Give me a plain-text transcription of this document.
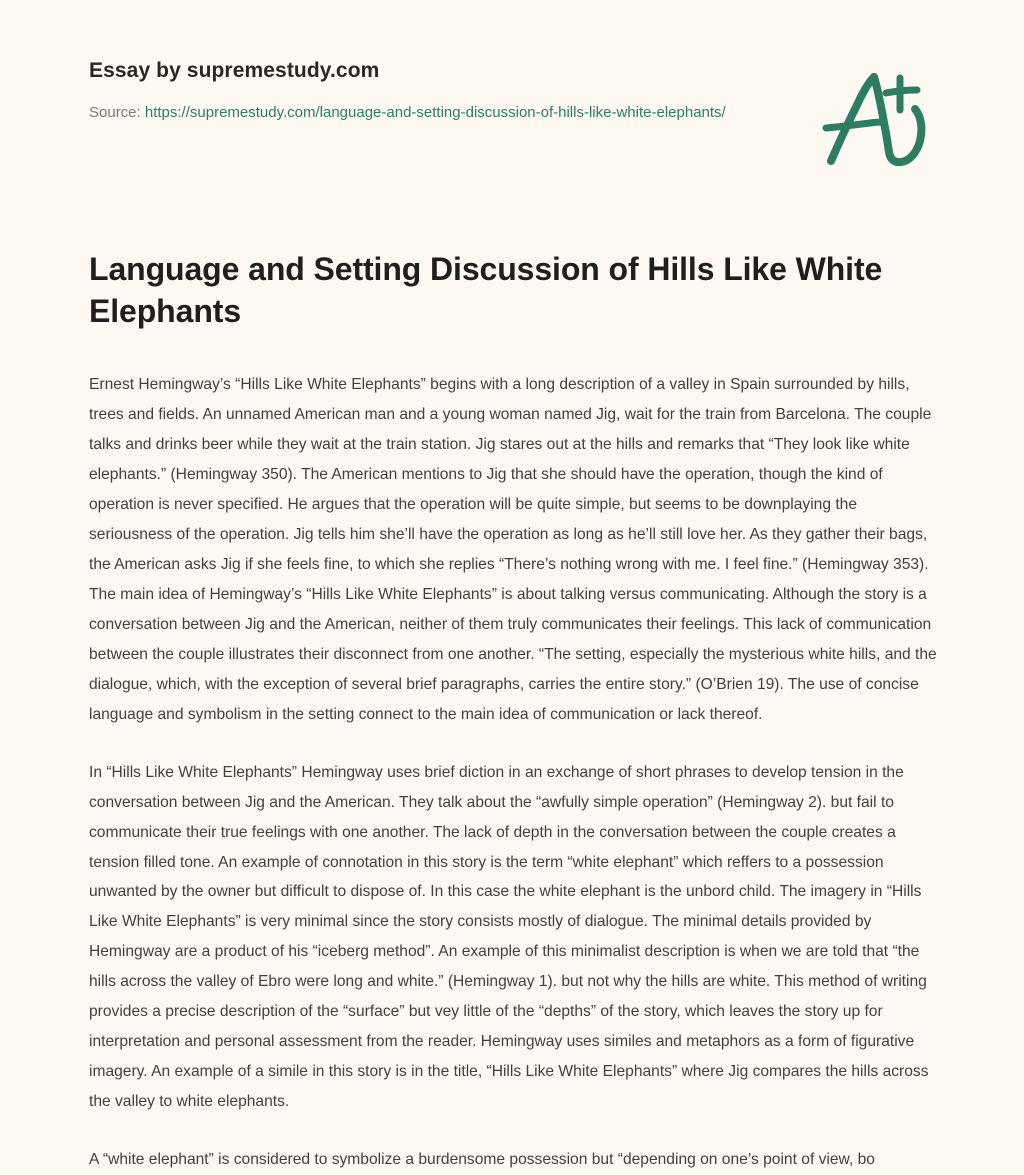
Essay by supremestudy.com
Source: https://supremestudy.com/language-and-setting-discussion-of-hills-like-white-elephants/
Language and Setting Discussion of Hills Like White Elephants

Ernest Hemingway’s “Hills Like White Elephants” begins with a long description of a valley in Spain surrounded by hills, trees and fields. An unnamed American man and a young woman named Jig, wait for the train from Barcelona. The couple talks and drinks beer while they wait at the train station. Jig stares out at the hills and remarks that “They look like white elephants.” (Hemingway 350). The American mentions to Jig that she should have the operation, though the kind of operation is never specified. He argues that the operation will be quite simple, but seems to be downplaying the seriousness of the operation. Jig tells him she’ll have the operation as long as he’ll still love her. As they gather their bags, the American asks Jig if she feels fine, to which she replies “There’s nothing wrong with me. I feel fine.” (Hemingway 353). The main idea of Hemingway’s “Hills Like White Elephants” is about talking versus communicating. Although the story is a conversation between Jig and the American, neither of them truly communicates their feelings. This lack of communication between the couple illustrates their disconnect from one another. “The setting, especially the mysterious white hills, and the dialogue, which, with the exception of several brief paragraphs, carries the entire story.” (O’Brien 19). The use of concise language and symbolism in the setting connect to the main idea of communication or lack thereof.

In “Hills Like White Elephants” Hemingway uses brief diction in an exchange of short phrases to develop tension in the conversation between Jig and the American. They talk about the “awfully simple operation” (Hemingway 2). but fail to communicate their true feelings with one another. The lack of depth in the conversation between the couple creates a tension filled tone. An example of connotation in this story is the term “white elephant” which reffers to a possession unwanted by the owner but difficult to dispose of. In this case the white elephant is the unbord child. The imagery in “Hills Like White Elephants” is very minimal since the story consists mostly of dialogue. The minimal details provided by Hemingway are a product of his “iceberg method”. An example of this minimalist description is when we are told that “the hills across the valley of Ebro were long and white.” (Hemingway 1). but not why the hills are white. This method of writing provides a precise description of the “surface” but vey little of the “depths” of the story, which leaves the story up for interpretation and personal assessment from the reader. Hemingway uses similes and metaphors as a form of figurative imagery. An example of a simile in this story is in the title, “Hills Like White Elephants” where Jig compares the hills across the valley to white elephants.

A “white elephant” is considered to symbolize a burdensome possession but “depending on one’s point of view, bo
